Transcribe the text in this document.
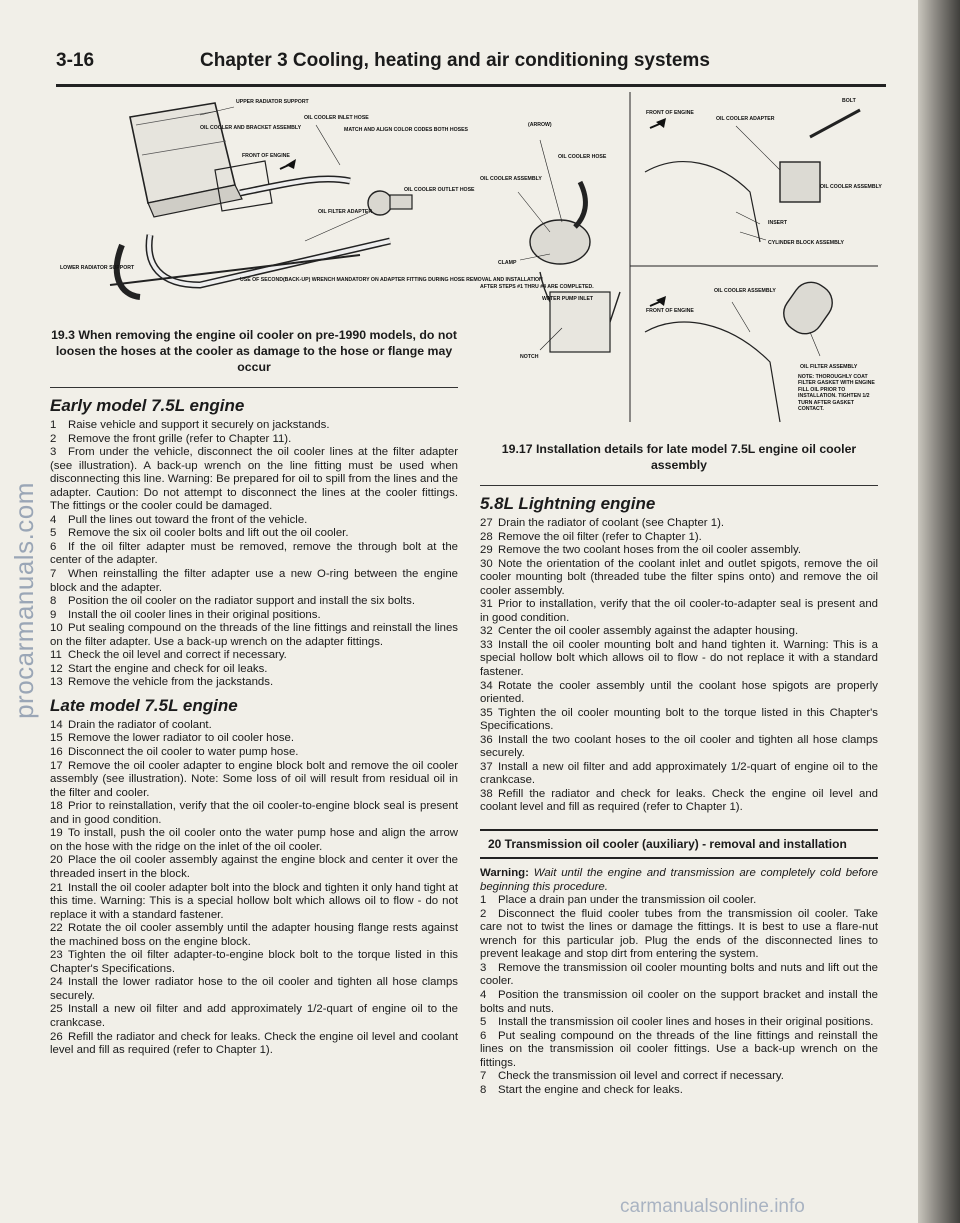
procarmanuals.com
3-16	Chapter 3 Cooling, heating and air conditioning systems
UPPER RADIATOR SUPPORT
OIL COOLER AND BRACKET ASSEMBLY
OIL COOLER INLET HOSE
MATCH AND ALIGN COLOR CODES BOTH HOSES
FRONT OF ENGINE
OIL COOLER OUTLET HOSE
OIL FILTER ADAPTER
LOWER RADIATOR SUPPORT
USE OF SECOND(BACK-UP) WRENCH MANDATORY ON ADAPTER FITTING DURING HOSE REMOVAL AND INSTALLATION
19.3 When removing the engine oil cooler on pre-1990 models, do not loosen the hoses at the cooler as damage to the hose or flange may occur
Early model 7.5L engine

1 Raise vehicle and support it securely on jackstands.

2 Remove the front grille (refer to Chapter 11).

3 From under the vehicle, disconnect the oil cooler lines at the filter adapter (see illustration). A back-up wrench on the line fitting must be used when disconnecting this line. Warning: Be prepared for oil to spill from the lines and the adapter. Caution: Do not attempt to disconnect the lines at the cooler fittings. The fittings or the cooler could be damaged.

4 Pull the lines out toward the front of the vehicle.

5 Remove the six oil cooler bolts and lift out the oil cooler.

6 If the oil filter adapter must be removed, remove the through bolt at the center of the adapter.

7 When reinstalling the filter adapter use a new O-ring between the engine block and the adapter.

8 Position the oil cooler on the radiator support and install the six bolts.

9 Install the oil cooler lines in their original positions.

10 Put sealing compound on the threads of the line fittings and reinstall the lines on the filter adapter. Use a back-up wrench on the adapter fittings.

11 Check the oil level and correct if necessary.

12 Start the engine and check for oil leaks.

13 Remove the vehicle from the jackstands.

Late model 7.5L engine

14 Drain the radiator of coolant.

15 Remove the lower radiator to oil cooler hose.

16 Disconnect the oil cooler to water pump hose.

17 Remove the oil cooler adapter to engine block bolt and remove the oil cooler assembly (see illustration). Note: Some loss of oil will result from residual oil in the filter and cooler.

18 Prior to reinstallation, verify that the oil cooler-to-engine block seal is present and in good condition.

19 To install, push the oil cooler onto the water pump hose and align the arrow on the hose with the ridge on the inlet of the oil cooler.

20 Place the oil cooler assembly against the engine block and center it over the threaded insert in the block.

21 Install the oil cooler adapter bolt into the block and tighten it only hand tight at this time. Warning: This is a special hollow bolt which allows oil to flow - do not replace it with a standard fastener.

22 Rotate the oil cooler assembly until the adapter housing flange rests against the machined boss on the engine block.

23 Tighten the oil filter adapter-to-engine block bolt to the torque listed in this Chapter's Specifications.

24 Install the lower radiator hose to the oil cooler and tighten all hose clamps securely.

25 Install a new oil filter and add approximately 1/2-quart of engine oil to the crankcase.

26 Refill the radiator and check for leaks. Check the engine oil level and coolant level and fill as required (refer to Chapter 1).

(ARROW)
OIL COOLER HOSE
OIL COOLER ASSEMBLY
CLAMP
AFTER STEPS #1 THRU #4 ARE COMPLETED.
WATER PUMP INLET
NOTCH
FRONT OF ENGINE
OIL COOLER ADAPTER
BOLT
OIL COOLER ASSEMBLY
INSERT
CYLINDER BLOCK ASSEMBLY
FRONT OF ENGINE
OIL COOLER ASSEMBLY
OIL FILTER ASSEMBLY
NOTE: THOROUGHLY COAT FILTER GASKET WITH ENGINE FILL OIL PRIOR TO INSTALLATION. TIGHTEN 1/2 TURN AFTER GASKET CONTACT.
19.17 Installation details for late model 7.5L engine oil cooler assembly
5.8L Lightning engine

27 Drain the radiator of coolant (see Chapter 1).

28 Remove the oil filter (refer to Chapter 1).

29 Remove the two coolant hoses from the oil cooler assembly.

30 Note the orientation of the coolant inlet and outlet spigots, remove the oil cooler mounting bolt (threaded tube the filter spins onto) and remove the oil cooler assembly.

31 Prior to installation, verify that the oil cooler-to-adapter seal is present and in good condition.

32 Center the oil cooler assembly against the adapter housing.

33 Install the oil cooler mounting bolt and hand tighten it. Warning: This is a special hollow bolt which allows oil to flow - do not replace it with a standard fastener.

34 Rotate the cooler assembly until the coolant hose spigots are properly oriented.

35 Tighten the oil cooler mounting bolt to the torque listed in this Chapter's Specifications.

36 Install the two coolant hoses to the oil cooler and tighten all hose clamps securely.

37 Install a new oil filter and add approximately 1/2-quart of engine oil to the crankcase.

38 Refill the radiator and check for leaks. Check the engine oil level and coolant level and fill as required (refer to Chapter 1).

20 Transmission oil cooler (auxiliary) - removal and installation

Warning: Wait until the engine and transmission are completely cold before beginning this procedure.

1 Place a drain pan under the transmission oil cooler.

2 Disconnect the fluid cooler tubes from the transmission oil cooler. Take care not to twist the lines or damage the fittings. It is best to use a flare-nut wrench for this particular job. Plug the ends of the disconnected lines to prevent leakage and stop dirt from entering the system.

3 Remove the transmission oil cooler mounting bolts and nuts and lift out the cooler.

4 Position the transmission oil cooler on the support bracket and install the bolts and nuts.

5 Install the transmission oil cooler lines and hoses in their original positions.

6 Put sealing compound on the threads of the line fittings and reinstall the lines on the transmission oil cooler fittings. Use a back-up wrench on the fittings.

7 Check the transmission oil level and correct if necessary.

8 Start the engine and check for leaks.

carmanualsonline.info
